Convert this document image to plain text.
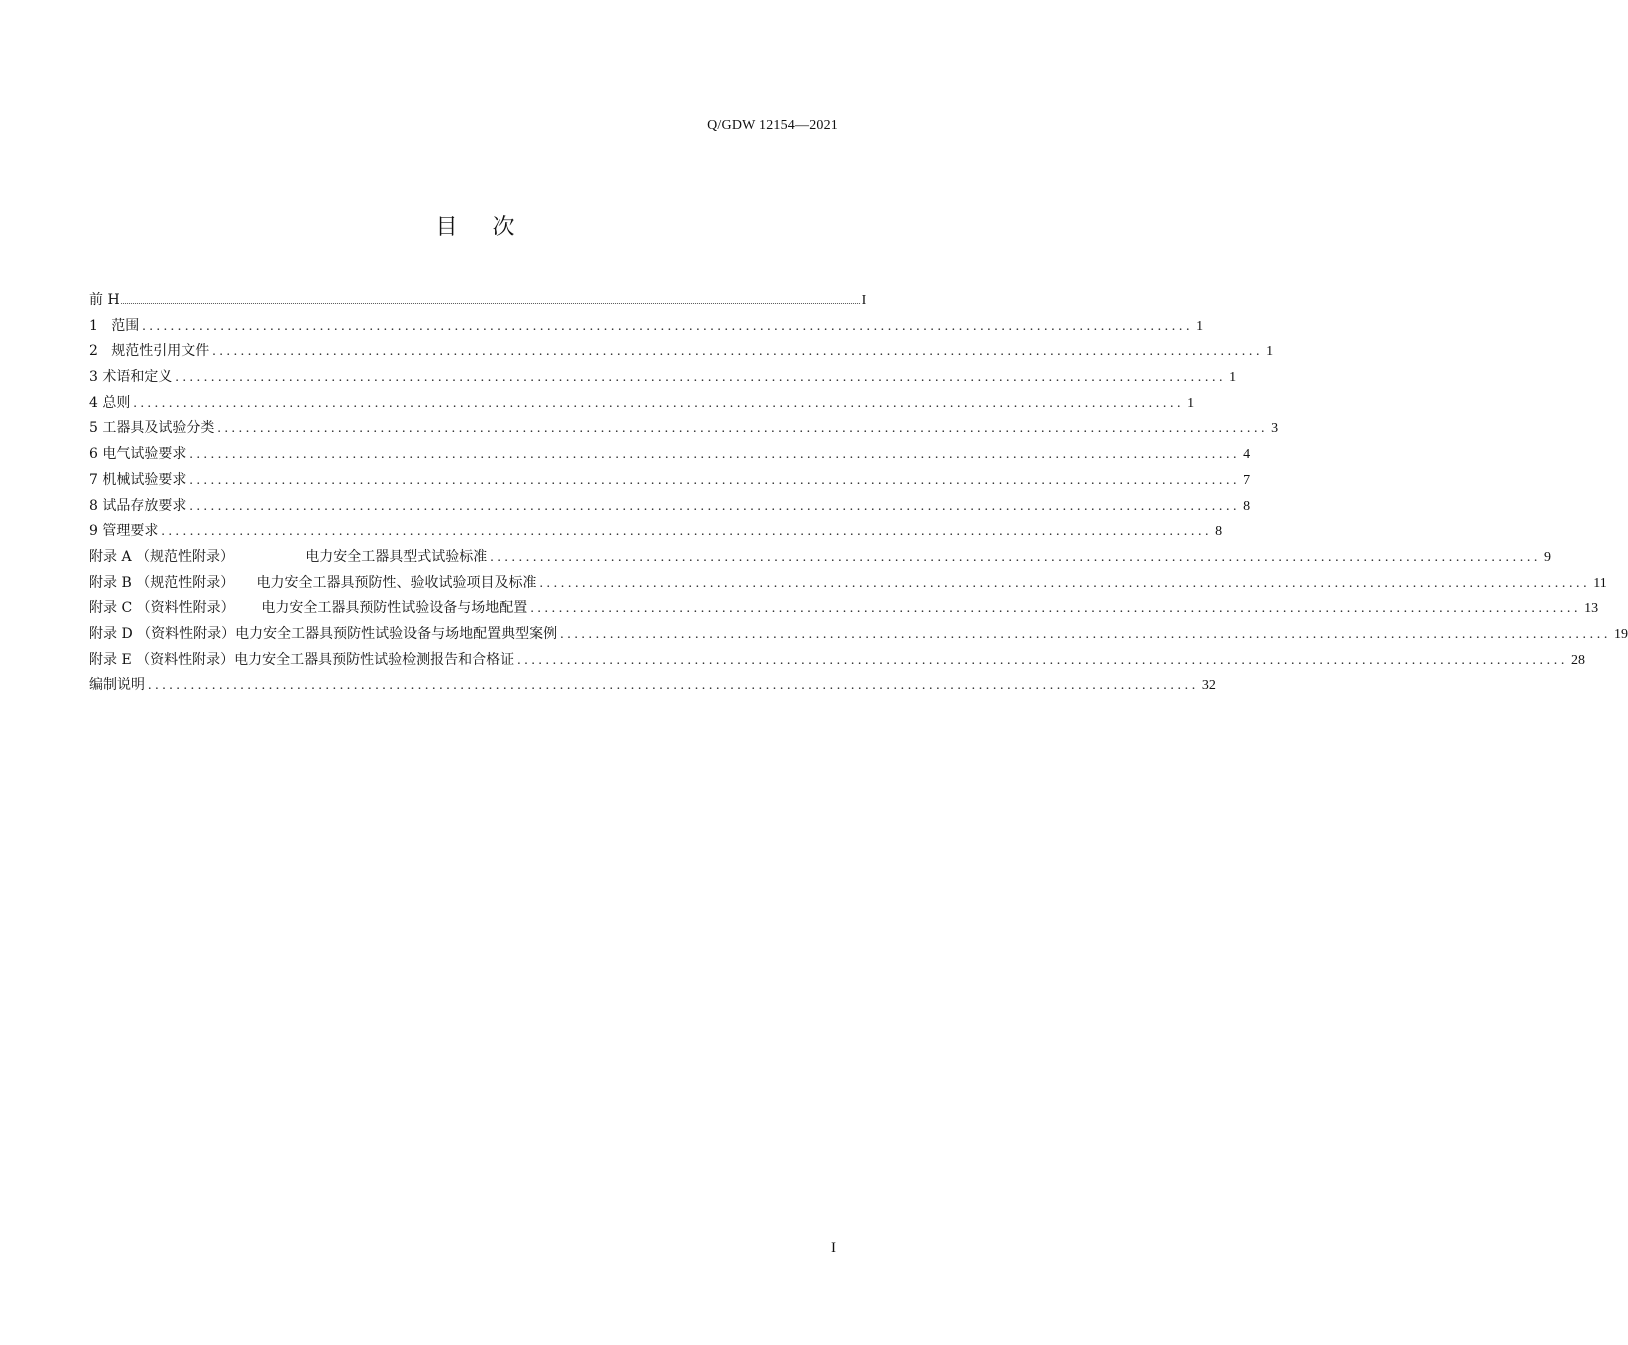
Q/GDW 12154—2021
目 次
前 H .................................................................................................................................................................................................................................................................................................................................................................................. I
1   范围 .................................................................................................................................................... 1
2   规范性引用文件 .................................................................................................................................................... 1
3 术语和定义 .................................................................................................................................................... 1
4 总则 .................................................................................................................................................... 1
5 工器具及试验分类 .................................................................................................................................................... 3
6 电气试验要求 .................................................................................................................................................... 4
7 机械试验要求 .................................................................................................................................................... 7
8 试品存放要求 .................................................................................................................................................... 8
9 管理要求 .................................................................................................................................................... 8
附录 A （规范性附录）                电力安全工器具型式试验标准 .................................................................................................................................................... 9
附录 B （规范性附录）     电力安全工器具预防性、验收试验项目及标准 .................................................................................................................................................... 11
附录 C （资料性附录）      电力安全工器具预防性试验设备与场地配置 .................................................................................................................................................... 13
附录 D （资料性附录）电力安全工器具预防性试验设备与场地配置典型案例 .................................................................................................................................................... 19
附录 E （资料性附录）电力安全工器具预防性试验检测报告和合格证 .................................................................................................................................................... 28
编制说明 .................................................................................................................................................... 32
I
